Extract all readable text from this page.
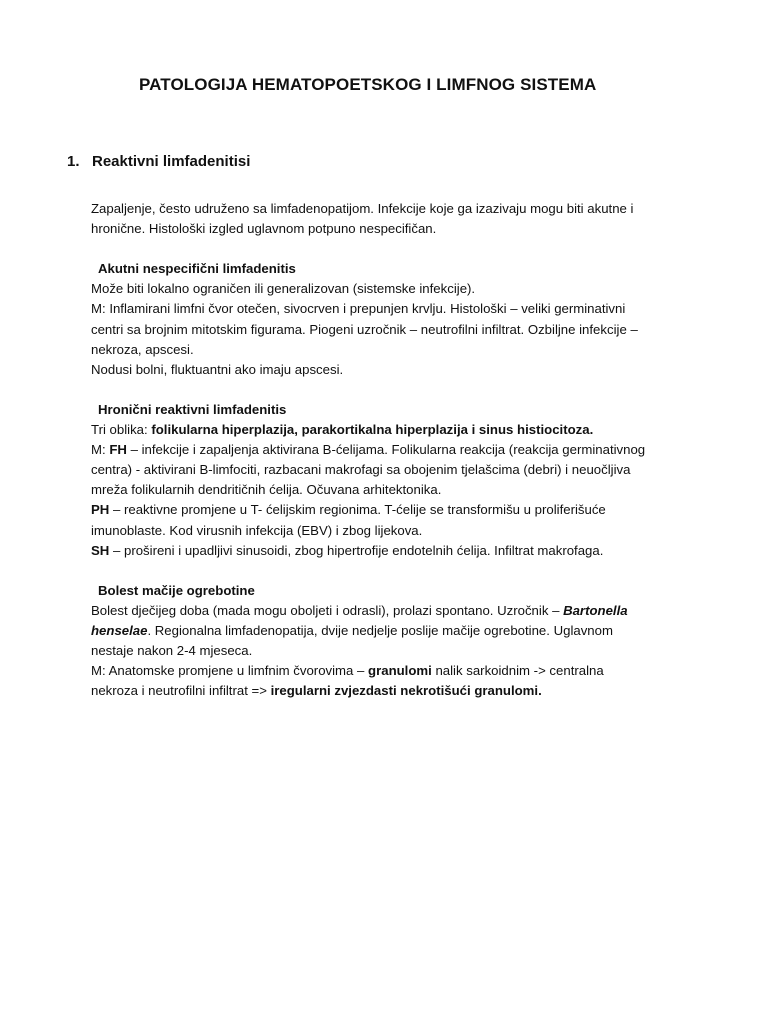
PATOLOGIJA HEMATOPOETSKOG I LIMFNOG SISTEMA
1. Reaktivni limfadenitisi
Zapaljenje, često udruženo sa limfadenopatijom. Infekcije koje ga izazivaju mogu biti akutne i
hronične. Histološki izgled uglavnom potpuno nespecifičan.
Akutni nespecifični limfadenitis
Može biti lokalno ograničen ili generalizovan (sistemske infekcije).
M: Inflamirani limfni čvor otečen, sivocrven i prepunjen krvlju. Histološki – veliki germinativni
centri sa brojnim mitotskim figurama. Piogeni uzročnik – neutrofilni infiltrat. Ozbiljne infekcije –
nekroza, apscesi.
Nodusi bolni, fluktuantni ako imaju apscesi.
Hronični reaktivni limfadenitis
Tri oblika: folikularna hiperplazija, parakortikalna hiperplazija i sinus histiocitoza.
M: FH – infekcije i zapaljenja aktivirana B-ćelijama. Folikularna reakcija (reakcija germinativnog
centra) - aktivirani B-limfociti, razbacani makrofagi sa obojenim tjelašcima (debri) i neuočljiva
mreža folikularnih dendritičnih ćelija. Očuvana arhitektonika.
PH – reaktivne promjene u T- ćelijskim regionima. T-ćelije se transformišu u proliferišuće
imunoblaste. Kod virusnih infekcija (EBV) i zbog lijekova.
SH – prošireni i upadljivi sinusoidi, zbog hipertrofije endotelnih ćelija. Infiltrat makrofaga.
Bolest mačije ogrebotine
Bolest dječijeg doba (mada mogu oboljeti i odrasli), prolazi spontano. Uzročnik – Bartonella
henselae. Regionalna limfadenopatija, dvije nedjelje poslije mačije ogrebotine. Uglavnom
nestaje nakon 2-4 mjeseca.
M: Anatomske promjene u limfnim čvorovima – granulomi nalik sarkoidnim -> centralna
nekroza i neutrofilni infiltrat => iregularni zvjezdasti nekrotišući granulomi.
